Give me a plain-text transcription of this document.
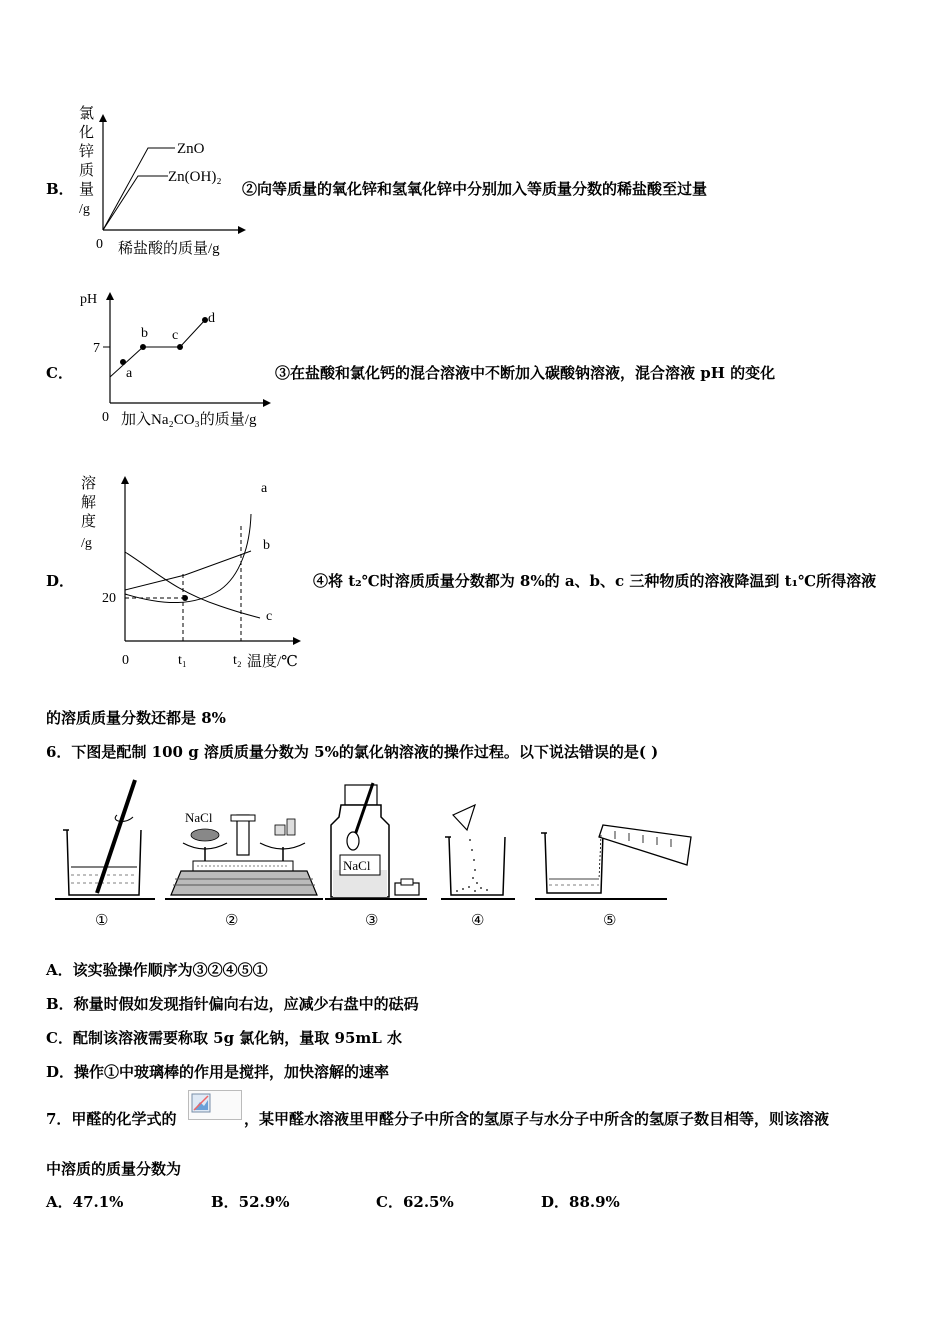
B．
氯
化
锌
质
量
/g
ZnO
Zn(OH)₂
0 稀盐酸的质量/g
②向等质量的氧化锌和氢氧化锌中分别加入等质量分数的稀盐酸至过量
C．
pH
7
a
b c
d
0 加入Na₂CO₃的质量/g
③在盐酸和氯化钙的混合溶液中不断加入碳酸钠溶液，混合溶液 pH 的变化
D．
溶
解
度
/g
20
0	t₁	t₂ 温度/℃
a
b
c
④将 t₂℃时溶质质量分数都为 8%的 a、b、c 三种物质的溶液降温到 t₁℃所得溶液
的溶质质量分数还都是 8%
6．下图是配制 100 g 溶质质量分数为 5%的氯化钠溶液的操作过程。以下说法错误的是( )
NaCl
NaCl
①	②	③	④	⑤
A．该实验操作顺序为③②④⑤①
B．称量时假如发现指针偏向右边，应减少右盘中的砝码
C．配制该溶液需要称取 5g 氯化钠，量取 95mL 水
D．操作①中玻璃棒的作用是搅拌，加快溶解的速率
7．甲醛的化学式的	，某甲醛水溶液里甲醛分子中所含的氢原子与水分子中所含的氢原子数目相等，则该溶液
中溶质的质量分数为
A．47.1%	B．52.9%	C．62.5%	D．88.9%
